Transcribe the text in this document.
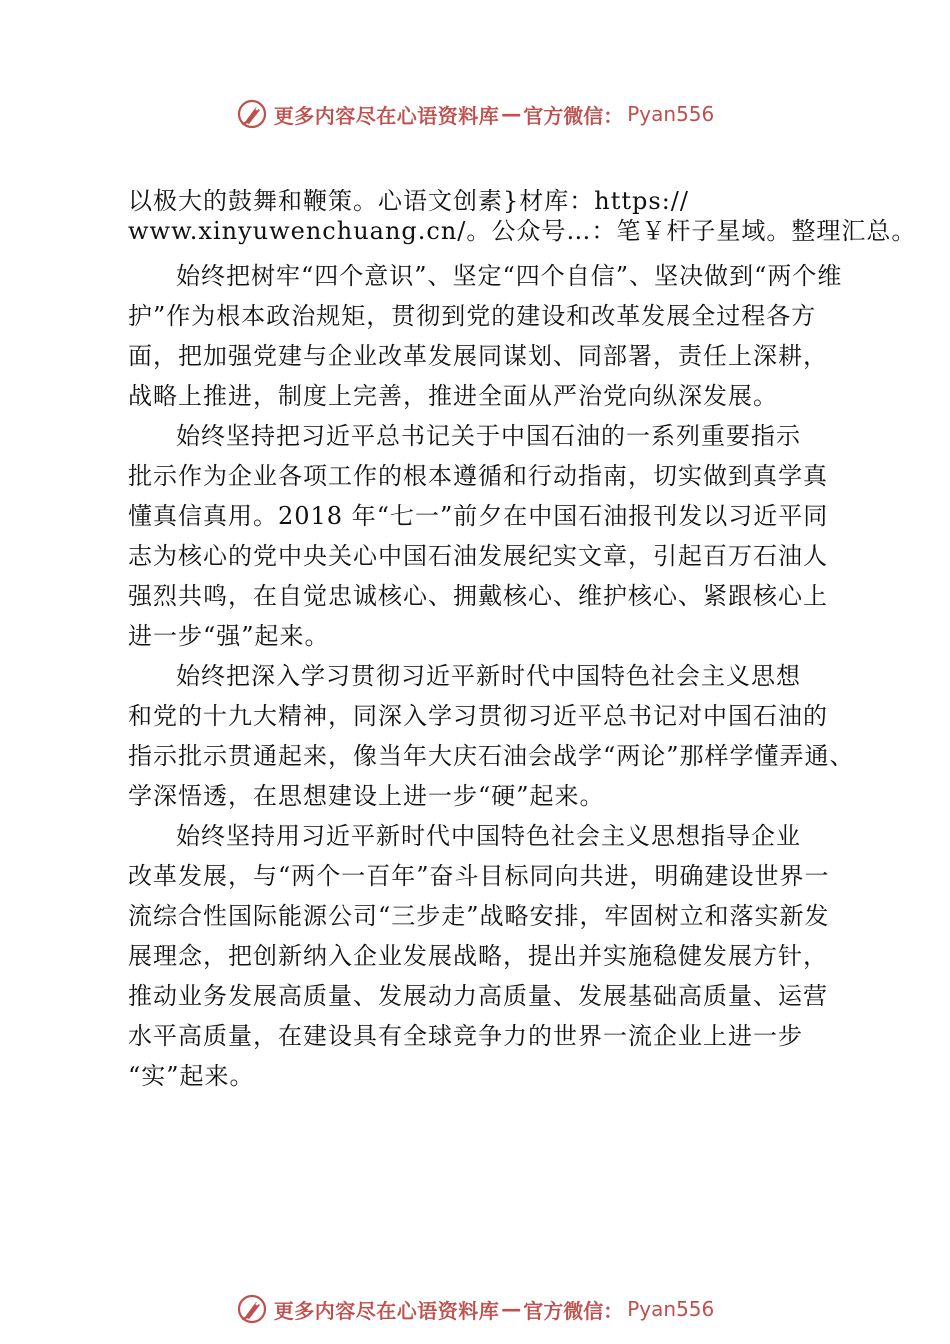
更多内容尽在心语资料库 — 官方微信： Pyan556
以极大的鼓舞和鞭策。心语文创素}材库：https://
www.xinyuwenchuang.cn/。公众号…：笔￥杆子星域。整理汇总。
始终把树牢“四个意识”、坚定“四个自信”、坚决做到“两个维
护”作为根本政治规矩，贯彻到党的建设和改革发展全过程各方
面，把加强党建与企业改革发展同谋划、同部署，责任上深耕，
战略上推进，制度上完善，推进全面从严治党向纵深发展。
始终坚持把习近平总书记关于中国石油的一系列重要指示
批示作为企业各项工作的根本遵循和行动指南，切实做到真学真
懂真信真用。2018 年“七一”前夕在中国石油报刊发以习近平同
志为核心的党中央关心中国石油发展纪实文章，引起百万石油人
强烈共鸣，在自觉忠诚核心、拥戴核心、维护核心、紧跟核心上
进一步“强”起来。
始终把深入学习贯彻习近平新时代中国特色社会主义思想
和党的十九大精神，同深入学习贯彻习近平总书记对中国石油的
指示批示贯通起来，像当年大庆石油会战学“两论”那样学懂弄通、
学深悟透，在思想建设上进一步“硬”起来。
始终坚持用习近平新时代中国特色社会主义思想指导企业
改革发展，与“两个一百年”奋斗目标同向共进，明确建设世界一
流综合性国际能源公司“三步走”战略安排，牢固树立和落实新发
展理念，把创新纳入企业发展战略，提出并实施稳健发展方针，
推动业务发展高质量、发展动力高质量、发展基础高质量、运营
水平高质量，在建设具有全球竞争力的世界一流企业上进一步
“实”起来。
更多内容尽在心语资料库 — 官方微信： Pyan556
